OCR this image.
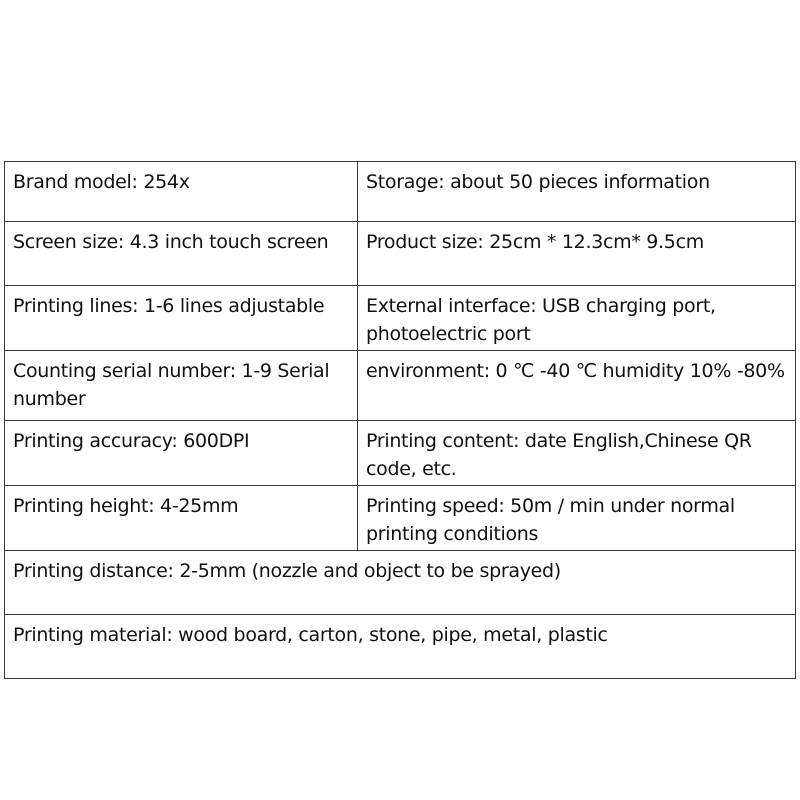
Brand model: 254x	Storage: about 50 pieces information
Screen size: 4.3 inch touch screen	Product size: 25cm * 12.3cm* 9.5cm
Printing lines: 1-6 lines adjustable	External interface: USB charging port, photoelectric port
Counting serial number: 1-9 Serial number	environment: 0 ℃ -40 ℃ humidity 10% -80%
Printing accuracy: 600DPI	Printing content: date English,Chinese QR code, etc.
Printing height: 4-25mm	Printing speed: 50m / min under normal printing conditions
Printing distance: 2-5mm (nozzle and object to be sprayed)	
Printing material: wood board, carton, stone, pipe, metal, plastic	
